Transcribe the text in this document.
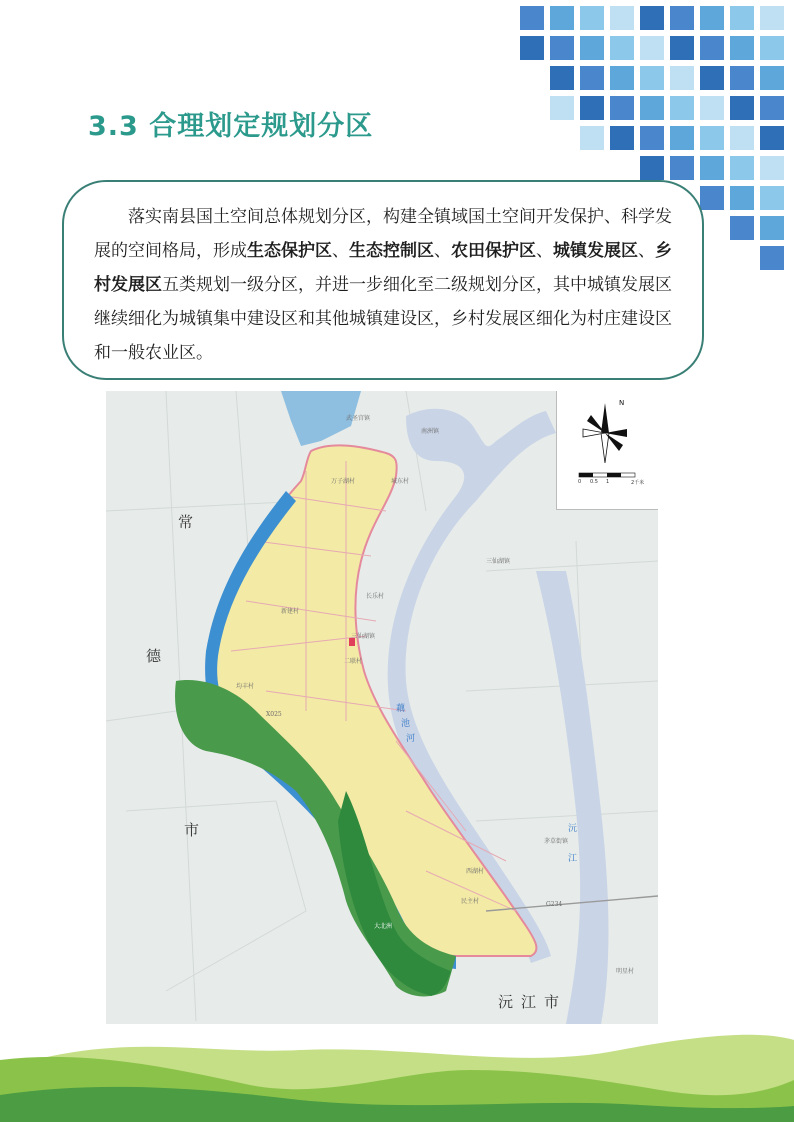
3.3 合理划定规划分区

落实南县国土空间总体规划分区，构建全镇域国土空间开发保护、科学发展的空间格局，形成生态保护区、生态控制区、农田保护区、城镇发展区、乡村发展区五类规划一级分区，并进一步细化至二级规划分区，其中城镇发展区继续细化为城镇集中建设区和其他城镇建设区，乡村发展区细化为村庄建设区和一般农业区。

常
德
市
沅 江 市
武圣宫镇
南洲镇
三仙湖镇
茅草街镇
三仙湖镇
万子湖村	城东村
长乐村
新建村
二联村
均丰村
西湖村
民主村
明星村
大北洲
G234
X025
藕
池
河
沅
江
N
0 0.5 1	2千米
